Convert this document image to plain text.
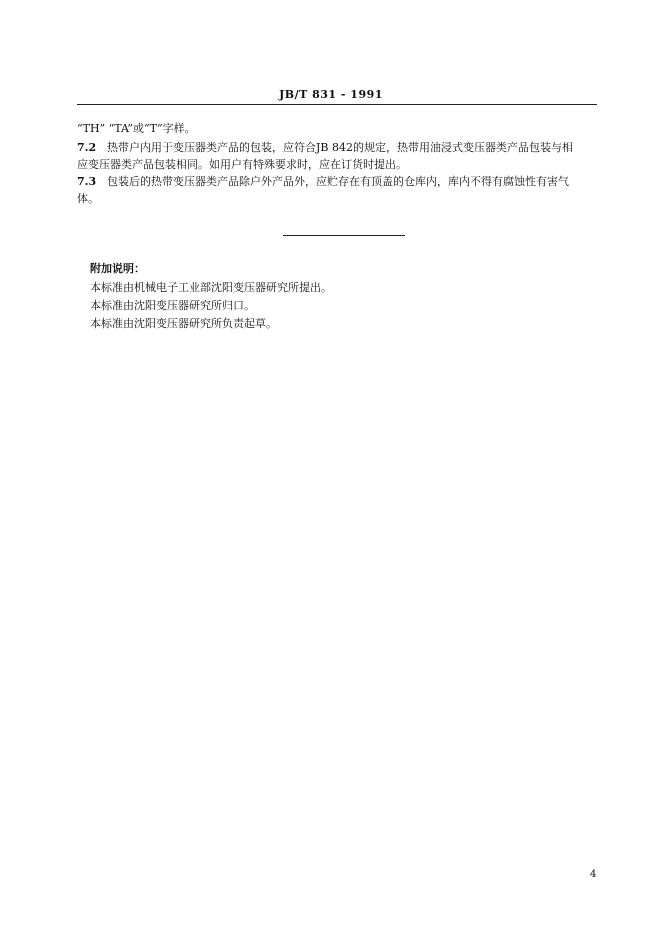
JB/T 831 - 1991
“TH” “TA”或“T”字样。
7.2 热带户内用于变压器类产品的包装，应符合JB 842的规定，热带用油浸式变压器类产品包装与相
应变压器类产品包装相同。如用户有特殊要求时，应在订货时提出。
7.3 包装后的热带变压器类产品除户外产品外，应贮存在有顶盖的仓库内，库内不得有腐蚀性有害气
体。
附加说明：
本标准由机械电子工业部沈阳变压器研究所提出。
本标准由沈阳变压器研究所归口。
本标准由沈阳变压器研究所负责起草。
4
